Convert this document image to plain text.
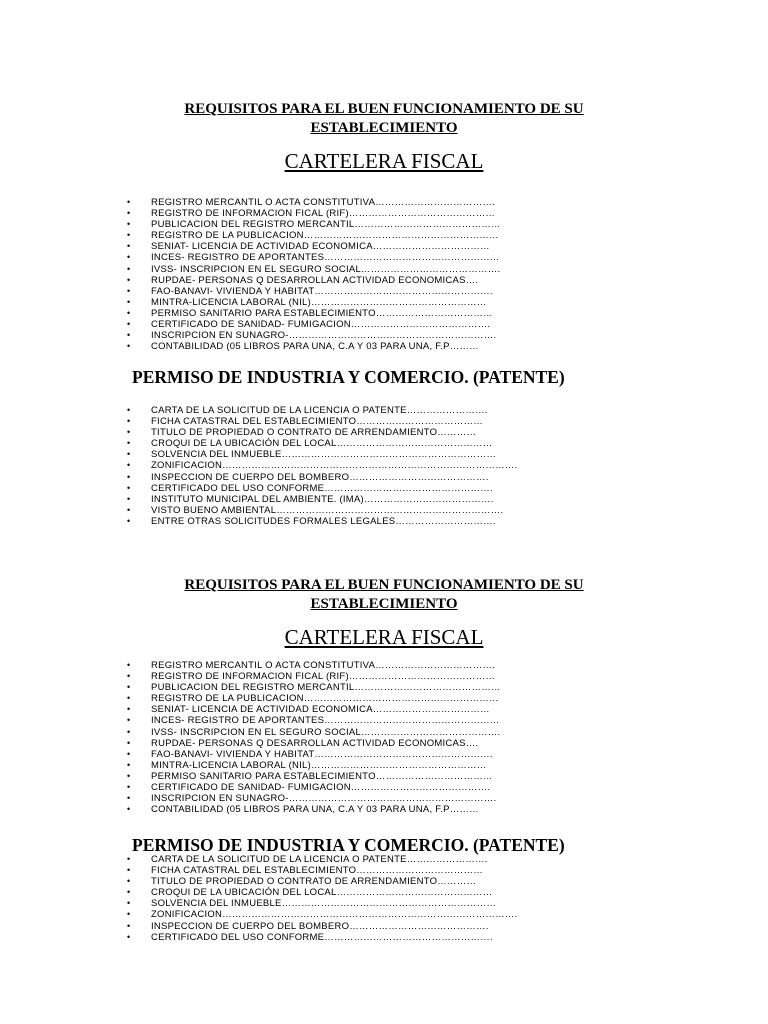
REQUISITOS PARA EL BUEN FUNCIONAMIENTO DE SU ESTABLECIMIENTO
CARTELERA FISCAL
• REGISTRO MERCANTIL O ACTA CONSTITUTIVA……………………………….
• REGISTRO DE INFORMACION FICAL (RIF)………………………………………
• PUBLICACION DEL REGISTRO MERCANTIL………………………………………
• REGISTRO DE LA PUBLICACION……………………………………………………
• SENIAT- LICENCIA DE ACTIVIDAD ECONOMICA………………………………
• INCES- REGISTRO DE APORTANTES………………………………………………
• IVSS- INSCRIPCION EN EL SEGURO SOCIAL…………………………………….
• RUPDAE- PERSONAS Q DESARROLLAN ACTIVIDAD ECONOMICAS….
• FAO-BANAVI- VIVIENDA Y HABITAT……………………………………………….
• MINTRA-LICENCIA LABORAL (NIL)………………………………………………
• PERMISO SANITARIO PARA ESTABLECIMIENTO………………………………
• CERTIFICADO DE SANIDAD- FUMIGACION…………………………………….
• INSCRIPCION EN SUNAGRO-……………………………………………………….
• CONTABILIDAD (05 LIBROS PARA UNA, C.A Y 03 PARA UNA, F.P………
PERMISO DE INDUSTRIA Y COMERCIO. (PATENTE)
• CARTA DE LA SOLICITUD DE LA LICENCIA O PATENTE…………………….
• FICHA CATASTRAL DEL ESTABLECIMIENTO…………………………………
• TITULO DE PROPIEDAD O CONTRATO DE ARRENDAMIENTO…………
• CROQUI DE LA UBICACIÓN DEL LOCAL…………………………………………
• SOLVENCIA DEL INMUEBLE…………………………………………………………
• ZONIFICACION……………………………………………………………………………….
• INSPECCION DE CUERPO DEL BOMBERO…………………………………….
• CERTIFICADO DEL USO CONFORME…………………………………………….
• INSTITUTO MUNICIPAL DEL AMBIENTE. (IMA)………………………………….
• VISTO BUENO AMBIENTAL…………………………………………………………….
• ENTRE OTRAS SOLICITUDES FORMALES LEGALES………………………….
REQUISITOS PARA EL BUEN FUNCIONAMIENTO DE SU ESTABLECIMIENTO
CARTELERA FISCAL
• REGISTRO MERCANTIL O ACTA CONSTITUTIVA……………………………….
• REGISTRO DE INFORMACION FICAL (RIF)………………………………………
• PUBLICACION DEL REGISTRO MERCANTIL………………………………………
• REGISTRO DE LA PUBLICACION……………………………………………………
• SENIAT- LICENCIA DE ACTIVIDAD ECONOMICA………………………………
• INCES- REGISTRO DE APORTANTES………………………………………………
• IVSS- INSCRIPCION EN EL SEGURO SOCIAL…………………………………….
• RUPDAE- PERSONAS Q DESARROLLAN ACTIVIDAD ECONOMICAS….
• FAO-BANAVI- VIVIENDA Y HABITAT……………………………………………….
• MINTRA-LICENCIA LABORAL (NIL)………………………………………………
• PERMISO SANITARIO PARA ESTABLECIMIENTO………………………………
• CERTIFICADO DE SANIDAD- FUMIGACION…………………………………….
• INSCRIPCION EN SUNAGRO-……………………………………………………….
• CONTABILIDAD (05 LIBROS PARA UNA, C.A Y 03 PARA UNA, F.P………
PERMISO DE INDUSTRIA Y COMERCIO. (PATENTE)
• CARTA DE LA SOLICITUD DE LA LICENCIA O PATENTE…………………….
• FICHA CATASTRAL DEL ESTABLECIMIENTO…………………………………
• TITULO DE PROPIEDAD O CONTRATO DE ARRENDAMIENTO…………
• CROQUI DE LA UBICACIÓN DEL LOCAL…………………………………………
• SOLVENCIA DEL INMUEBLE…………………………………………………………
• ZONIFICACION……………………………………………………………………………….
• INSPECCION DE CUERPO DEL BOMBERO…………………………………….
• CERTIFICADO DEL USO CONFORME…………………………………………….
